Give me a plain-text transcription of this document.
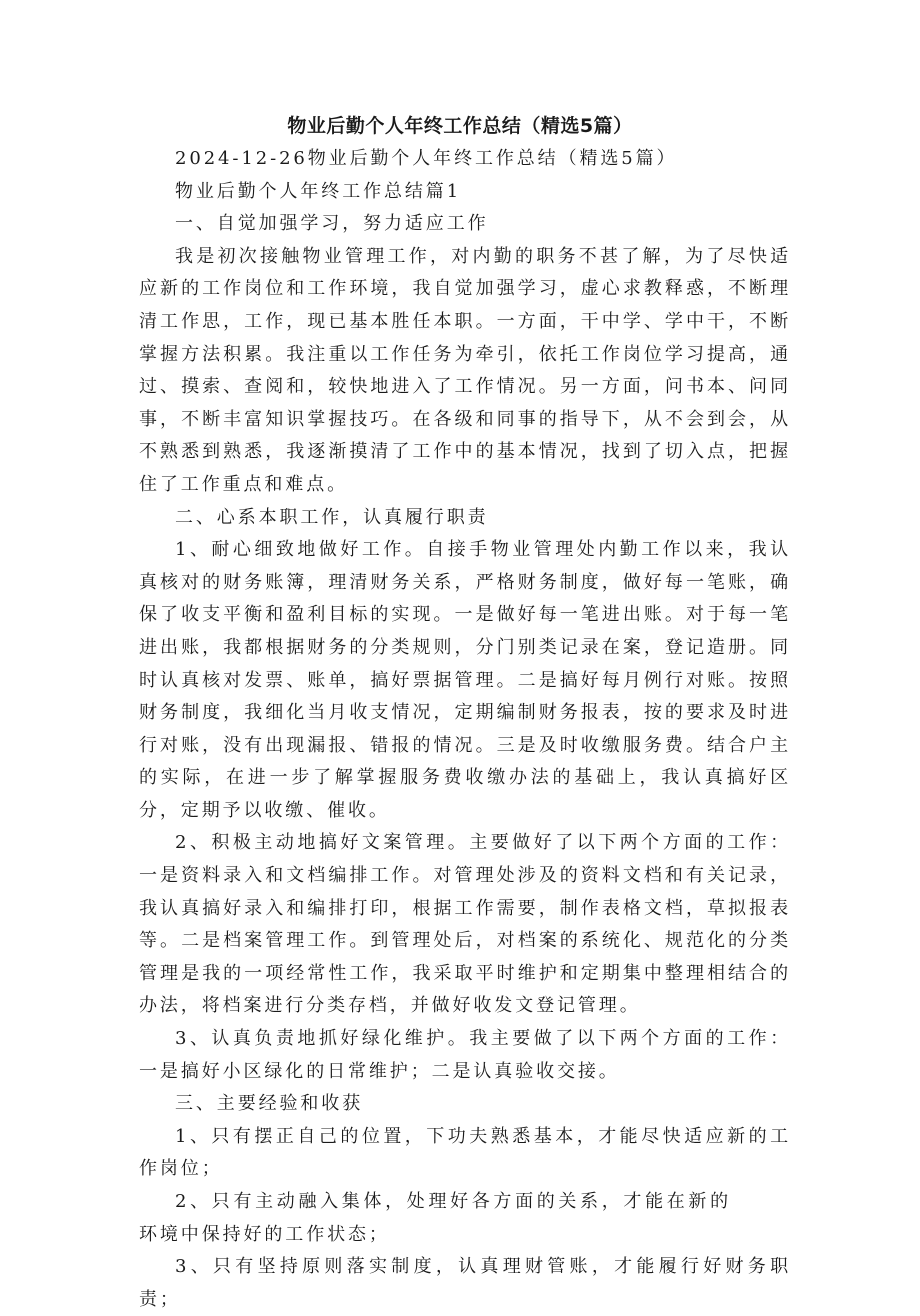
物业后勤个人年终工作总结（精选5篇）

2024-12-26物业后勤个人年终工作总结（精选5篇）

物业后勤个人年终工作总结篇1

一、自觉加强学习，努力适应工作

我是初次接触物业管理工作，对内勤的职务不甚了解，为了尽快适应新的工作岗位和工作环境，我自觉加强学习，虚心求教释惑，不断理清工作思，工作，现已基本胜任本职。一方面，干中学、学中干，不断掌握方法积累。我注重以工作任务为牵引，依托工作岗位学习提高，通过、摸索、查阅和，较快地进入了工作情况。另一方面，问书本、问同事，不断丰富知识掌握技巧。在各级和同事的指导下，从不会到会，从不熟悉到熟悉，我逐渐摸清了工作中的基本情况，找到了切入点，把握住了工作重点和难点。

二、心系本职工作，认真履行职责

1、耐心细致地做好工作。自接手物业管理处内勤工作以来，我认真核对的财务账簿，理清财务关系，严格财务制度，做好每一笔账，确保了收支平衡和盈利目标的实现。一是做好每一笔进出账。对于每一笔进出账，我都根据财务的分类规则，分门别类记录在案，登记造册。同时认真核对发票、账单，搞好票据管理。二是搞好每月例行对账。按照财务制度，我细化当月收支情况，定期编制财务报表，按的要求及时进行对账，没有出现漏报、错报的情况。三是及时收缴服务费。结合户主的实际，在进一步了解掌握服务费收缴办法的基础上，我认真搞好区分，定期予以收缴、催收。

2、积极主动地搞好文案管理。主要做好了以下两个方面的工作：一是资料录入和文档编排工作。对管理处涉及的资料文档和有关记录，我认真搞好录入和编排打印，根据工作需要，制作表格文档，草拟报表等。二是档案管理工作。到管理处后，对档案的系统化、规范化的分类管理是我的一项经常性工作，我采取平时维护和定期集中整理相结合的办法，将档案进行分类存档，并做好收发文登记管理。

3、认真负责地抓好绿化维护。我主要做了以下两个方面的工作：一是搞好小区绿化的日常维护；二是认真验收交接。

三、主要经验和收获

1、只有摆正自己的位置，下功夫熟悉基本，才能尽快适应新的工作岗位；

2、只有主动融入集体，处理好各方面的关系，才能在新的环境中保持好的工作状态；

3、只有坚持原则落实制度，认真理财管账，才能履行好财务职责；
